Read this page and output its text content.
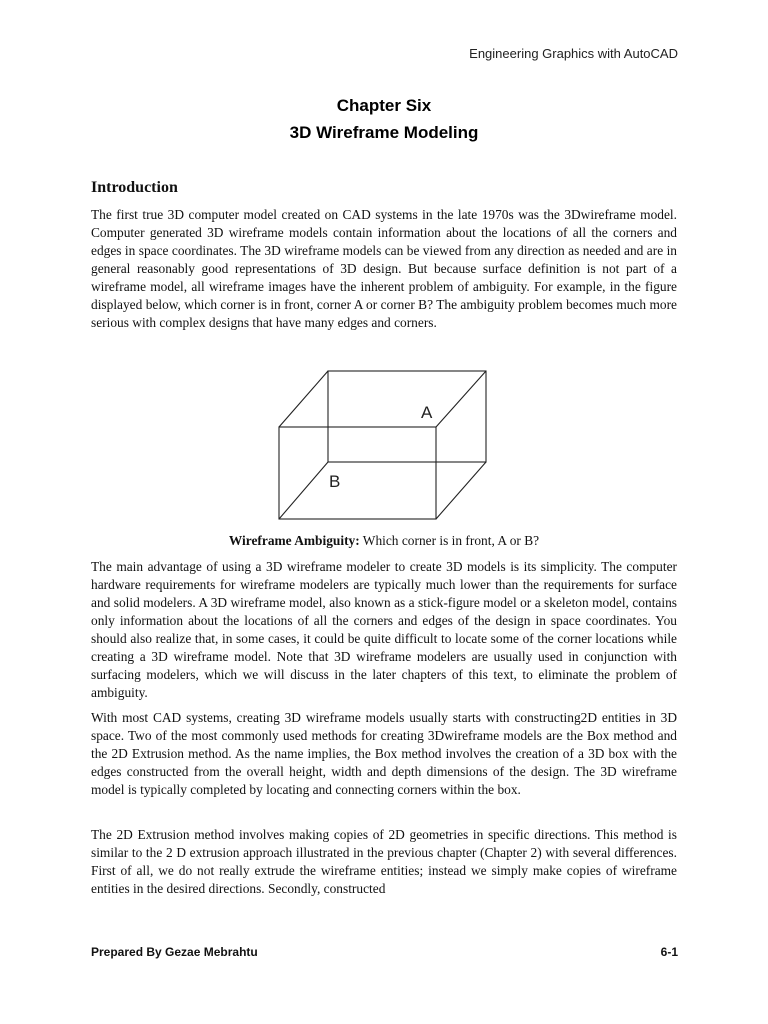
Engineering Graphics with AutoCAD
Chapter Six
3D Wireframe Modeling
Introduction

The first true 3D computer model created on CAD systems in the late 1970s was the 3Dwireframe model. Computer generated 3D wireframe models contain information about the locations of all the corners and edges in space coordinates. The 3D wireframe models can be viewed from any direction as needed and are in general reasonably good representations of 3D design. But because surface definition is not part of a wireframe model, all wireframe images have the inherent problem of ambiguity. For example, in the figure displayed below, which corner is in front, corner A or corner B? The ambiguity problem becomes much more serious with complex designs that have many edges and corners.

A
B
Wireframe Ambiguity: Which corner is in front, A or B?

The main advantage of using a 3D wireframe modeler to create 3D models is its simplicity. The computer hardware requirements for wireframe modelers are typically much lower than the requirements for surface and solid modelers. A 3D wireframe model, also known as a stick-figure model or a skeleton model, contains only information about the locations of all the corners and edges of the design in space coordinates. You should also realize that, in some cases, it could be quite difficult to locate some of the corner locations while creating a 3D wireframe model. Note that 3D wireframe modelers are usually used in conjunction with surfacing modelers, which we will discuss in the later chapters of this text, to eliminate the problem of ambiguity.

With most CAD systems, creating 3D wireframe models usually starts with constructing2D entities in 3D space. Two of the most commonly used methods for creating 3Dwireframe models are the Box method and the 2D Extrusion method. As the name implies, the Box method involves the creation of a 3D box with the edges constructed from the overall height, width and depth dimensions of the design. The 3D wireframe model is typically completed by locating and connecting corners within the box.

The 2D Extrusion method involves making copies of 2D geometries in specific directions. This method is similar to the 2 D extrusion approach illustrated in the previous chapter (Chapter 2) with several differences. First of all, we do not really extrude the wireframe entities; instead we simply make copies of wireframe entities in the desired directions. Secondly, constructed

Prepared By Gezae Mebrahtu	6-1
